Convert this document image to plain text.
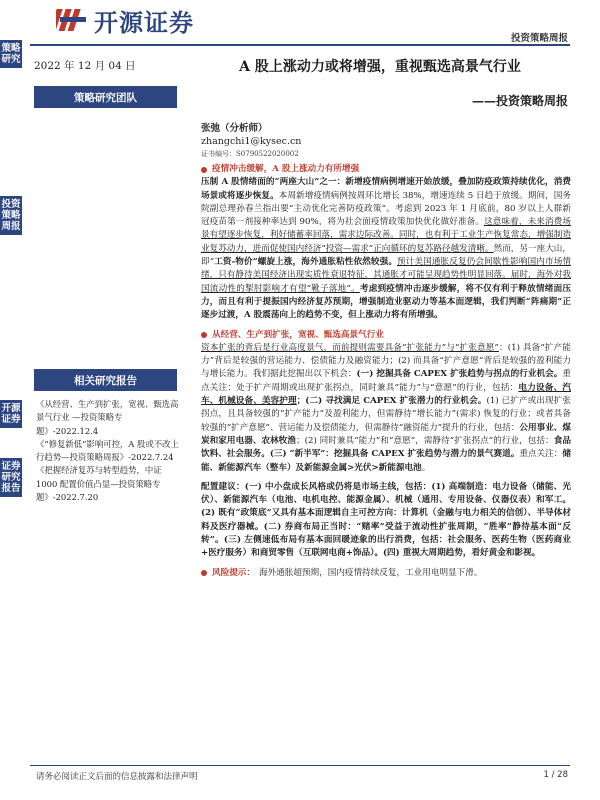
开源证券
投资策略周报
策略研究
投资策略周报
开源证券
证券研究报告
2022 年 12 月 04 日	A 股上涨动力或将增强，重视甄选高景气行业
——投资策略周报
策略研究团队
张弛（分析师）
zhangchi1@kysec.cn
证书编号：S0790522020002
相关研究报告
《从经营、生产到扩张，宽视、甄选高景气行业 —投资策略专题》-2022.12.4
《“修复新低”影响可控，A 股或不改上行趋势—投资策略周报》-2022.7.24
《把握经济复苏与转型趋势，中证1000 配置价值凸显—投资策略专题》-2022.7.20
疫情冲击缓解，A 股上涨动力有所增强

压制 A 股情绪面的“两座大山”之一：新增疫情病例增速开始放缓，叠加防疫政策持续优化，消费场景或将逐步恢复。本周新增疫情病例按周环比增长 38%，增速连续 5 日趋于放缓。期间，国务院副总理孙春兰指出要“主动优化完善防疫政策”。考虑到 2023 年 1 月底前，80 岁以上人群新冠疫苗第一剂接种率达到 90%，将为社会面疫情政策加快优化做好准备。这意味着，未来消费场景有望逐步恢复，利好储蓄率回落，需求边际改善。同时，也有利于工业生产恢复常态，增强制造业复苏动力，进而促使国内经济“投资—需求”正向循环的复苏路径越发清晰。然而，另一座大山，即“工资-物价”螺旋上涨，海外通胀粘性依然较强。预计美国通胀反复仍会间歇性影响国内市场情绪，只有静待美国经济出现实质性衰退特征，其通胀才可能呈现趋势性明显回落。届时，海外对我国流动性的掣肘影响才有望“靴子落地”。考虑到疫情冲击逐步缓解，将不仅有利于释放情绪面压力，而且有利于提振国内经济复苏预期，增强制造业驱动力等基本面逻辑，我们判断“阵痛期”正逐步过渡，A 股震荡向上的趋势不变，但上涨动力将有所增强。

从经营、生产到扩张，宽视、甄选高景气行业

资本扩张的背后是行业高度景气，而前提则需要具备“扩张能力”与“扩张意愿”：(1) 具备“扩产能力”背后是较强的营运能力、偿债能力及融资能力；(2) 而具备“扩产意愿”背后是较强的盈利能力与增长能力。我们据此挖掘出以下机会：(一) 挖掘具备 CAPEX 扩张趋势与拐点的行业机会。重点关注：处于扩产周期或出现扩张拐点，同时兼具“能力”与“意愿”的行业，包括：电力设备、汽车、机械设备、美容护理；(二) 寻找满足 CAPEX 扩张潜力的行业机会。(1) 已扩产或出现扩张拐点，且具备较强的“扩产能力”及盈利能力，但需静待“增长能力”(需求) 恢复的行业；或者具备较强的“扩产意愿”、营运能力及偿债能力，但需静待“融资能力”提升的行业，包括：公用事业、煤炭和家用电器、农林牧渔；(2) 同时兼具“能力”和“意愿”，需静待“扩张拐点”的行业，包括：食品饮料、社会服务。(三) “新半军”：挖掘具备 CAPEX 扩张趋势与潜力的景气赛道。重点关注：储能、新能源汽车（整车）及新能源金属>光伏>新能源电池。

配置建议：(一) 中小盘成长风格或仍将是市场主线，包括：(1) 高端制造：电力设备（储能、光伏）、新能源汽车（电池、电机电控、能源金属）、机械（通用、专用设备、仪器仪表）和军工。(2) 既有“政策底”又具有基本面逻辑自主可控方向：计算机（金融与电力相关的信创）、半导体材料及医疗器械。(二) 券商布局正当时：“赌率”受益于流动性扩张周期，“胜率”静待基本面“反转”。(三) 左侧速低布局有基本面回暖迹象的出行消费，包括：社会服务、医药生物（医药商业+医疗服务）和商贸零售（互联网电商+饰品）。(四) 重视大周期趋势，看好黄金和影视。

风险提示： 海外通胀超预期，国内疫情持续反复，工业用电明显下滑。
请务必阅读正文后面的信息披露和法律声明	1 / 28
